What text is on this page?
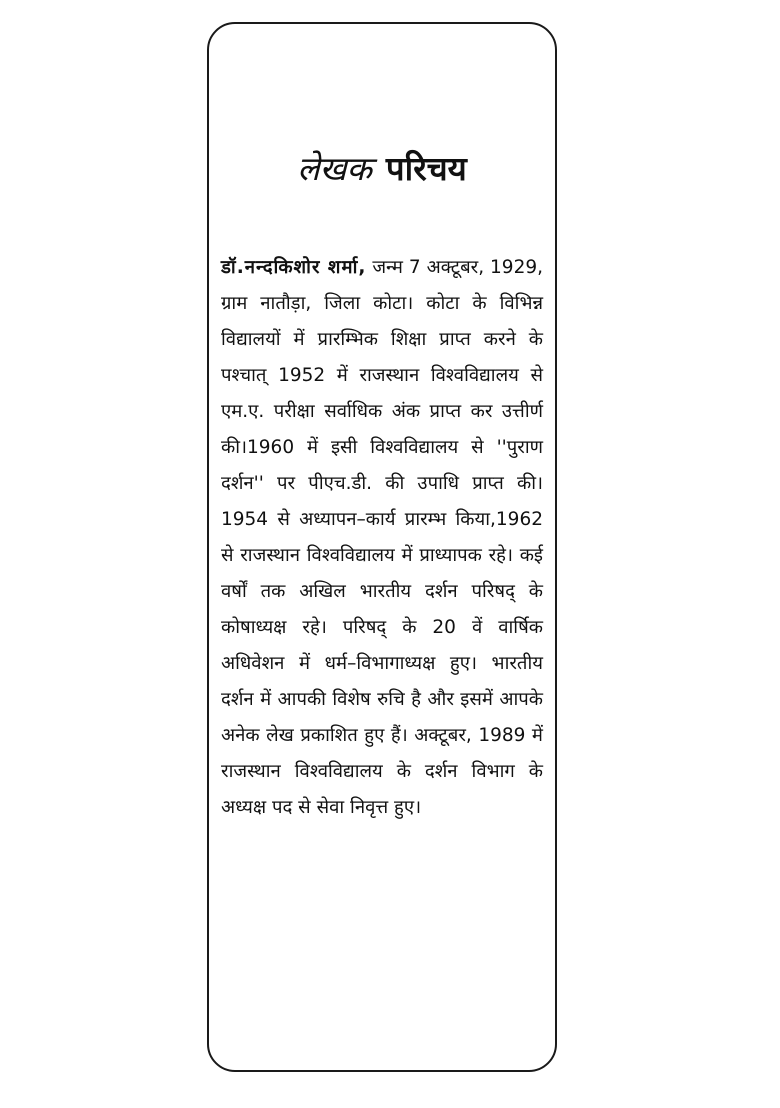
लेखक परिचय

डॉ.नन्दकिशोर शर्मा, जन्म 7 अक्टूबर, 1929, ग्राम नातौड़ा, जिला कोटा। कोटा के विभिन्न विद्यालयों में प्रारम्भिक शिक्षा प्राप्त करने के पश्चात् 1952 में राजस्थान विश्वविद्यालय से एम.ए. परीक्षा सर्वाधिक अंक प्राप्त कर उत्तीर्ण की।1960 में इसी विश्वविद्यालय से ''पुराण दर्शन'' पर पीएच.डी. की उपाधि प्राप्त की। 1954 से अध्यापन–कार्य प्रारम्भ किया,1962 से राजस्थान विश्वविद्यालय में प्राध्यापक रहे। कई वर्षों तक अखिल भारतीय दर्शन परिषद् के कोषाध्यक्ष रहे। परिषद् के 20 वें वार्षिक अधिवेशन में धर्म–विभागाध्यक्ष हुए। भारतीय दर्शन में आपकी विशेष रुचि है और इसमें आपके अनेक लेख प्रकाशित हुए हैं। अक्टूबर, 1989 में राजस्थान विश्वविद्यालय के दर्शन विभाग के अध्यक्ष पद से सेवा निवृत्त हुए।
